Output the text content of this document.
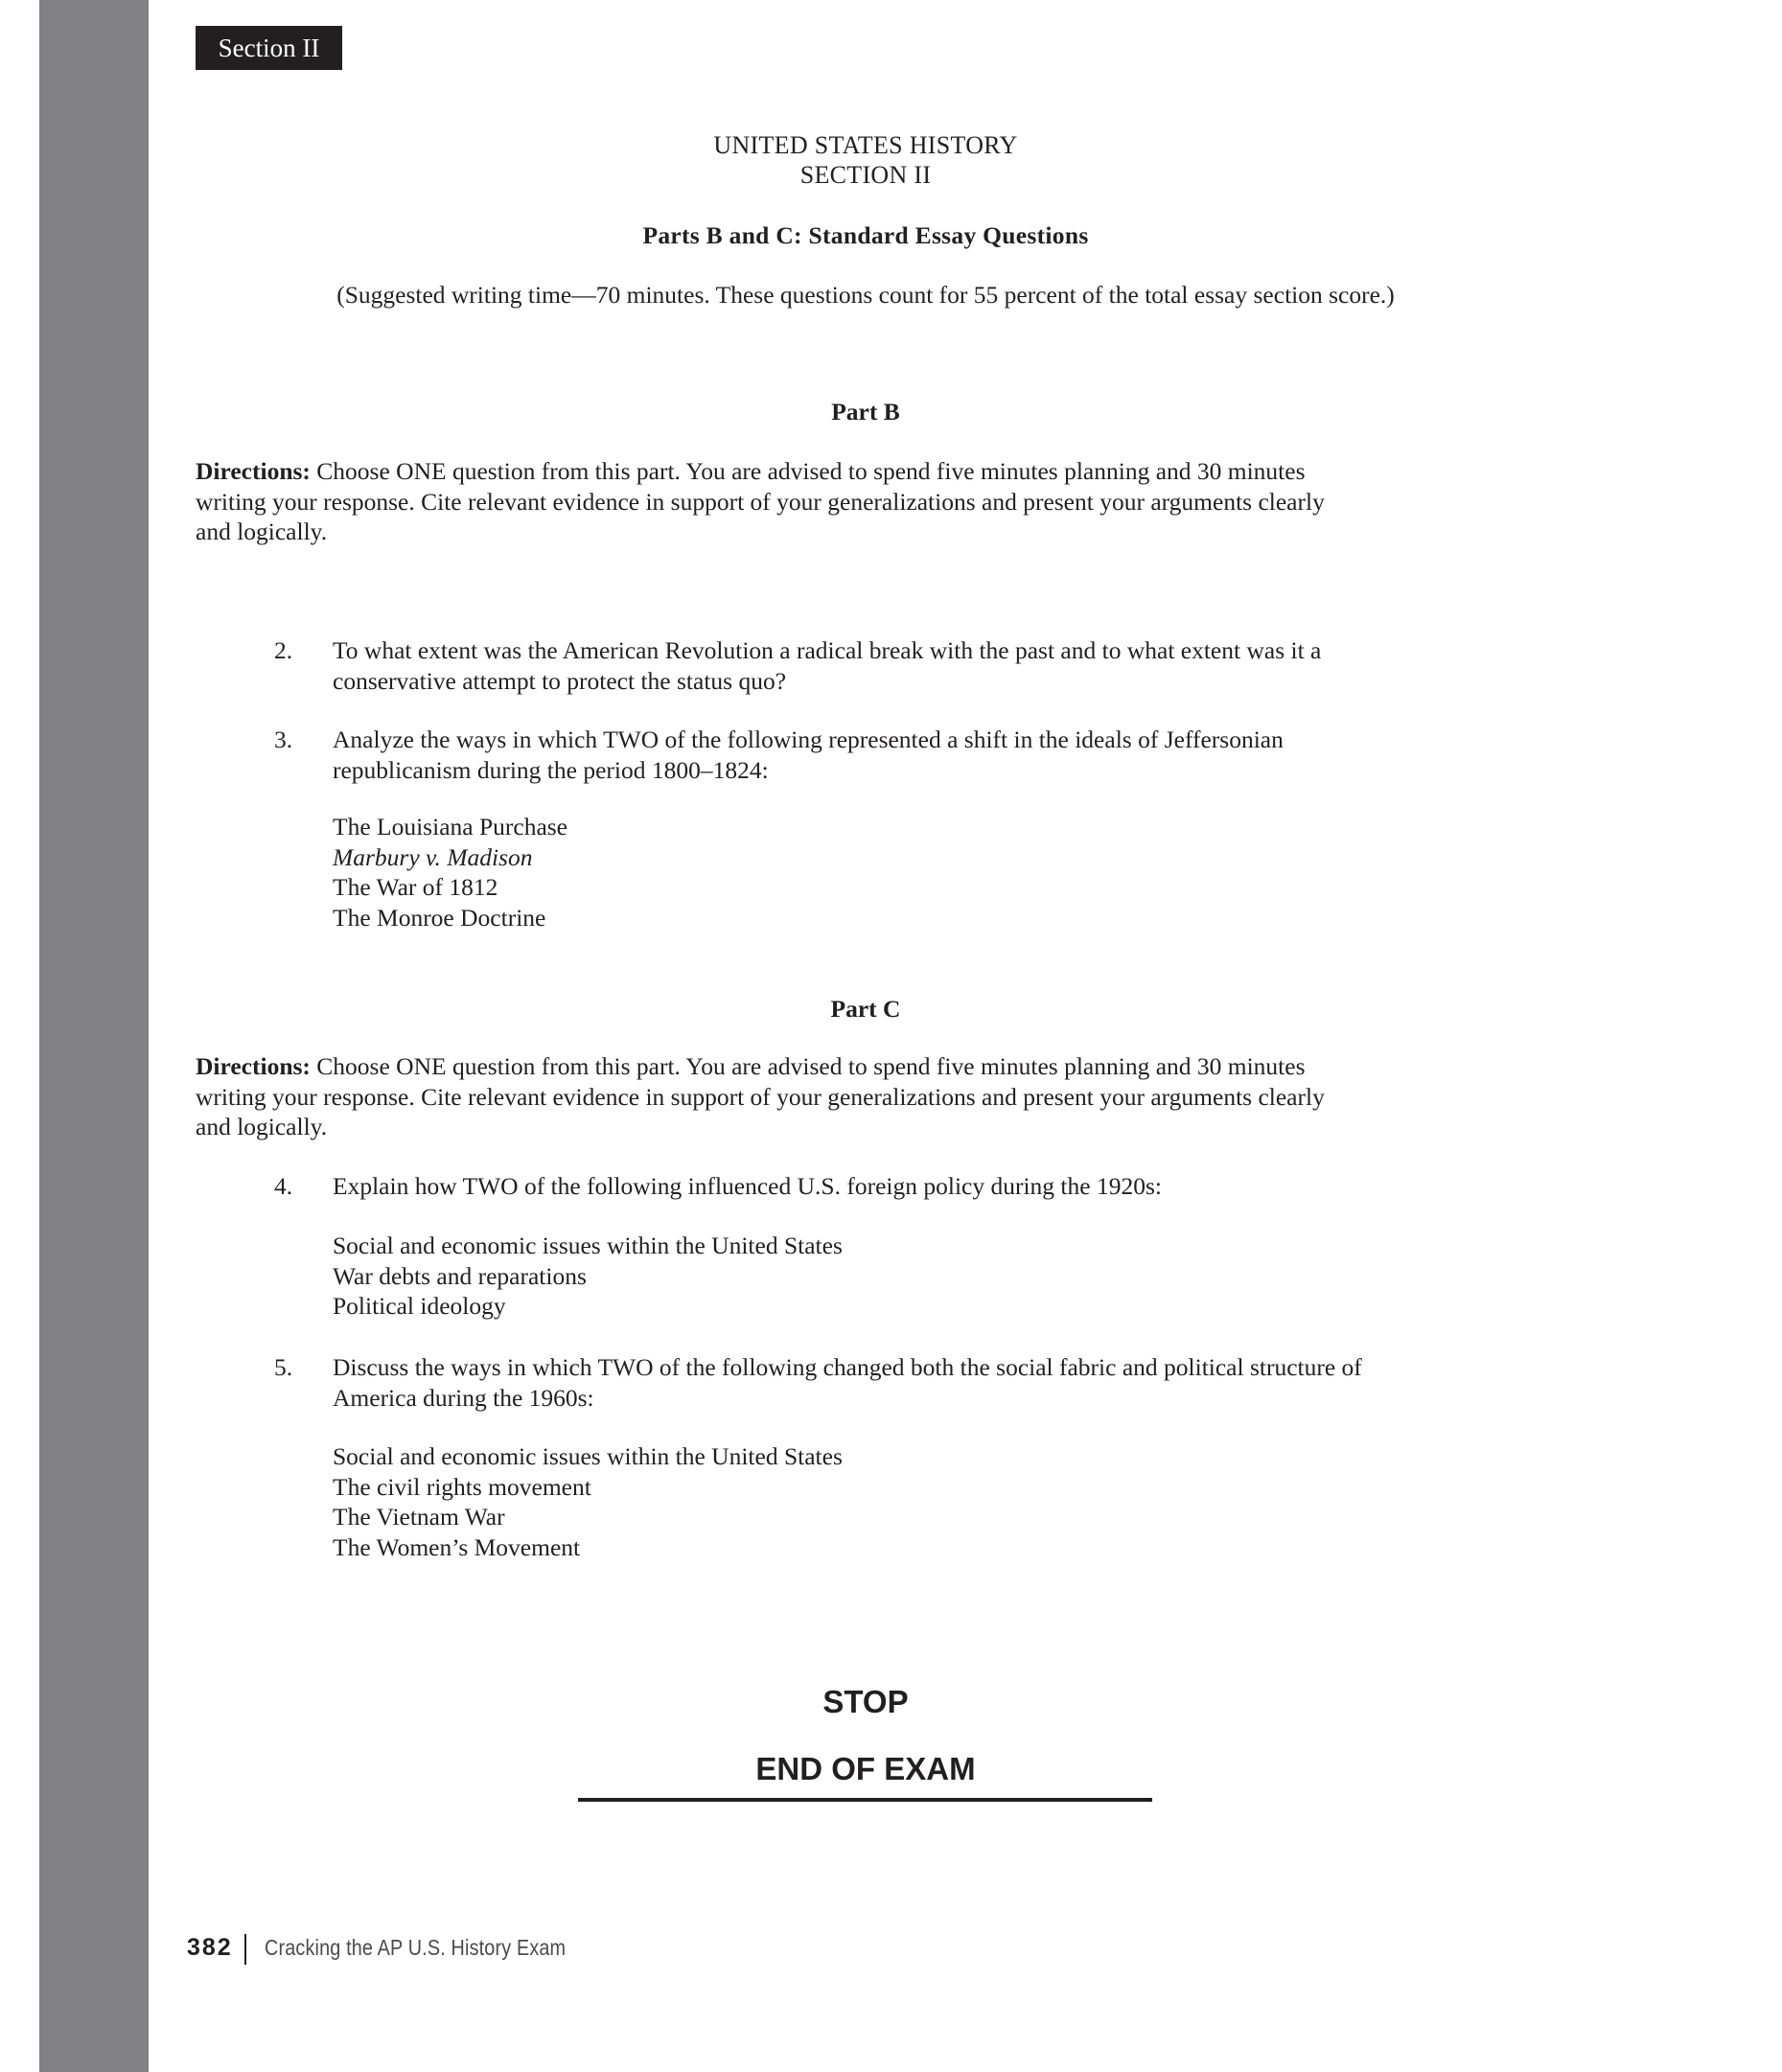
Section II
UNITED STATES HISTORY
SECTION II
Parts B and C: Standard Essay Questions
(Suggested writing time—70 minutes. These questions count for 55 percent of the total essay section score.)
Part B
Directions: Choose ONE question from this part. You are advised to spend five minutes planning and 30 minutes
writing your response. Cite relevant evidence in support of your generalizations and present your arguments clearly
and logically.
2.	To what extent was the American Revolution a radical break with the past and to what extent was it a
conservative attempt to protect the status quo?
3.	Analyze the ways in which TWO of the following represented a shift in the ideals of Jeffersonian
republicanism during the period 1800–1824:
The Louisiana Purchase
Marbury v. Madison
The War of 1812
The Monroe Doctrine
Part C
Directions: Choose ONE question from this part. You are advised to spend five minutes planning and 30 minutes
writing your response. Cite relevant evidence in support of your generalizations and present your arguments clearly
and logically.
4.	Explain how TWO of the following influenced U.S. foreign policy during the 1920s:
Social and economic issues within the United States
War debts and reparations
Political ideology
5.	Discuss the ways in which TWO of the following changed both the social fabric and political structure of
America during the 1960s:
Social and economic issues within the United States
The civil rights movement
The Vietnam War
The Women’s Movement
STOP
END OF EXAM
382 Cracking the AP U.S. History Exam
